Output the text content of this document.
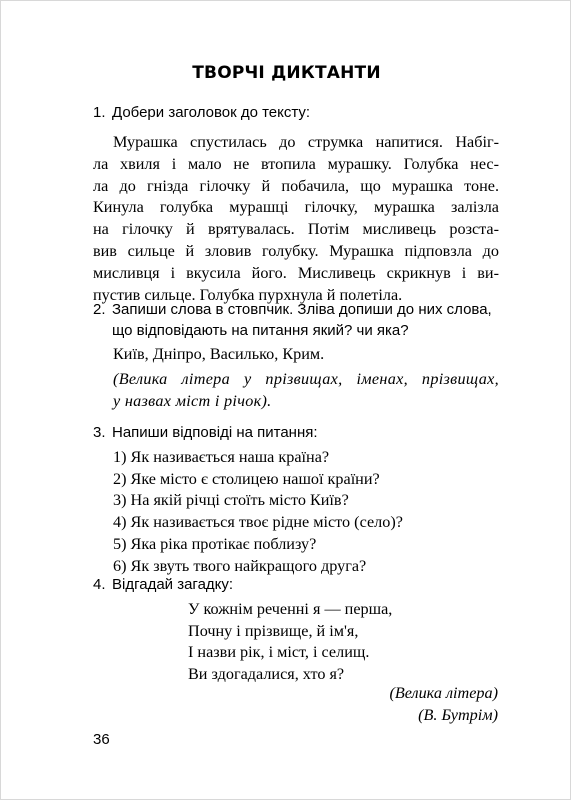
ТВОРЧІ ДИКТАНТИ

1. Добери заголовок до тексту:

Мурашка спустилась до струмка напитися. Набіг-
ла хвиля і мало не втопила мурашку. Голубка нес-
ла до гнізда гілочку й побачила, що мурашка тоне.
Кинула голубка мурашці гілочку, мурашка залізла
на гілочку й врятувалась. Потім мисливець розста-
вив сильце й зловив голубку. Мурашка підповзла до
мисливця і вкусила його. Мисливець скрикнув і ви-
пустив сильце. Голубка пурхнула й полетіла.

2. Запиши слова в стовпчик. Зліва допиши до них слова,
що відповідають на питання який? чи яка?

Київ, Дніпро, Василько, Крим.

(Велика літера у прізвищах, іменах, прізвищах,
у назвах міст і річок).

3. Напиши відповіді на питання:

1) Як називається наша країна?
2) Яке місто є столицею нашої країни?
3) На якій річці стоїть місто Київ?
4) Як називається твоє рідне місто (село)?
5) Яка ріка протікає поблизу?
6) Як звуть твого найкращого друга?

4. Відгадай загадку:

У кожнім реченні я — перша,
Почну і прізвище, й ім'я,
І назви рік, і міст, і селищ.
Ви здогадалися, хто я?

(Велика літера)

(В. Бутрім)

36
